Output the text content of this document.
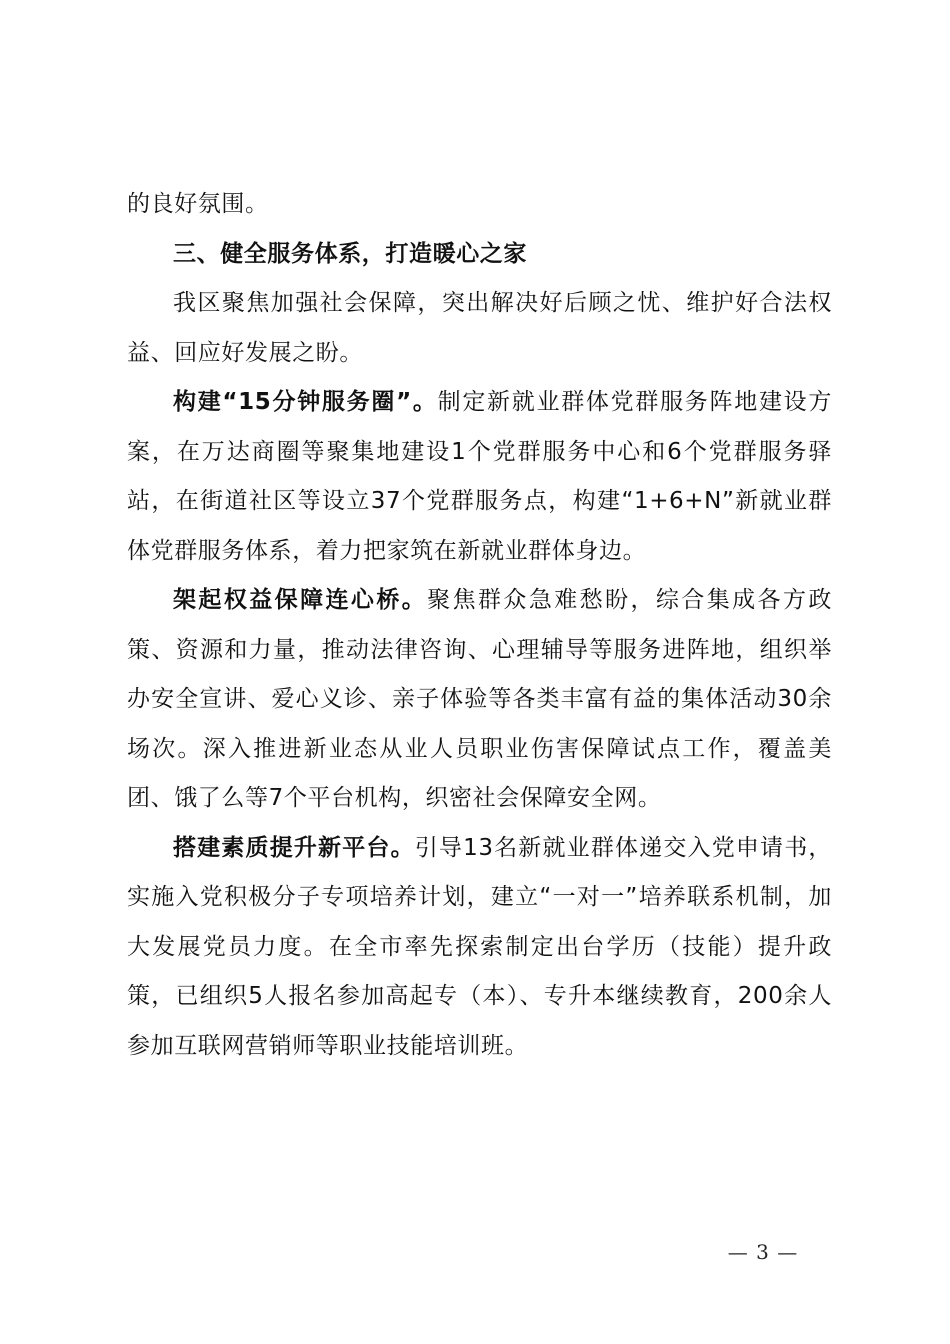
的良好氛围。

三、健全服务体系，打造暖心之家

我区聚焦加强社会保障，突出解决好后顾之忧、维护好合法权益、回应好发展之盼。

构建“15分钟服务圈”。制定新就业群体党群服务阵地建设方案，在万达商圈等聚集地建设1个党群服务中心和6个党群服务驿站，在街道社区等设立37个党群服务点，构建“1+6+N”新就业群体党群服务体系，着力把家筑在新就业群体身边。

架起权益保障连心桥。聚焦群众急难愁盼，综合集成各方政策、资源和力量，推动法律咨询、心理辅导等服务进阵地，组织举办安全宣讲、爱心义诊、亲子体验等各类丰富有益的集体活动30余场次。深入推进新业态从业人员职业伤害保障试点工作，覆盖美团、饿了么等7个平台机构，织密社会保障安全网。

搭建素质提升新平台。引导13名新就业群体递交入党申请书，实施入党积极分子专项培养计划，建立“一对一”培养联系机制，加大发展党员力度。在全市率先探索制定出台学历（技能）提升政策，已组织5人报名参加高起专（本）、专升本继续教育，200余人参加互联网营销师等职业技能培训班。

— 3 —
